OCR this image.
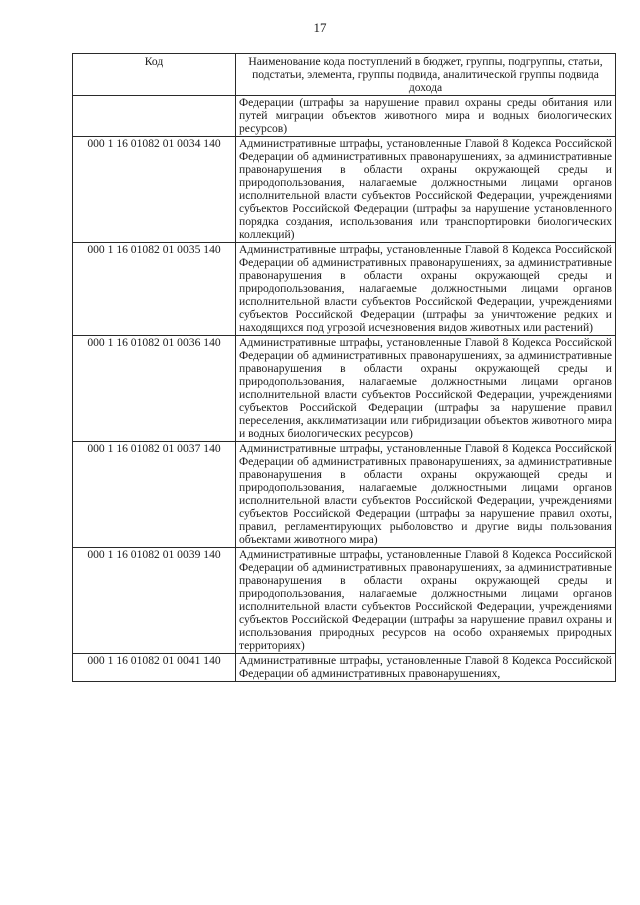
17
Код	Наименование кода поступлений в бюджет, группы, подгруппы, статьи, подстатьи, элемента, группы подвида, аналитической группы подвида дохода
	Федерации (штрафы за нарушение правил охраны среды обитания или путей миграции объектов животного мира и водных биологических ресурсов)
000 1 16 01082 01 0034 140	Административные штрафы, установленные Главой 8 Кодекса Российской Федерации об административных правонарушениях, за административные правонарушения в области охраны окружающей среды и природопользования, налагаемые должностными лицами органов исполнительной власти субъектов Российской Федерации, учреждениями субъектов Российской Федерации (штрафы за нарушение установленного порядка создания, использования или транспортировки биологических коллекций)
000 1 16 01082 01 0035 140	Административные штрафы, установленные Главой 8 Кодекса Российской Федерации об административных правонарушениях, за административные правонарушения в области охраны окружающей среды и природопользования, налагаемые должностными лицами органов исполнительной власти субъектов Российской Федерации, учреждениями субъектов Российской Федерации (штрафы за уничтожение редких и находящихся под угрозой исчезновения видов животных или растений)
000 1 16 01082 01 0036 140	Административные штрафы, установленные Главой 8 Кодекса Российской Федерации об административных правонарушениях, за административные правонарушения в области охраны окружающей среды и природопользования, налагаемые должностными лицами органов исполнительной власти субъектов Российской Федерации, учреждениями субъектов Российской Федерации (штрафы за нарушение правил переселения, акклиматизации или гибридизации объектов животного мира и водных биологических ресурсов)
000 1 16 01082 01 0037 140	Административные штрафы, установленные Главой 8 Кодекса Российской Федерации об административных правонарушениях, за административные правонарушения в области охраны окружающей среды и природопользования, налагаемые должностными лицами органов исполнительной власти субъектов Российской Федерации, учреждениями субъектов Российской Федерации (штрафы за нарушение правил охоты, правил, регламентирующих рыболовство и другие виды пользования объектами животного мира)
000 1 16 01082 01 0039 140	Административные штрафы, установленные Главой 8 Кодекса Российской Федерации об административных правонарушениях, за административные правонарушения в области охраны окружающей среды и природопользования, налагаемые должностными лицами органов исполнительной власти субъектов Российской Федерации, учреждениями субъектов Российской Федерации (штрафы за нарушение правил охраны и использования природных ресурсов на особо охраняемых природных территориях)
000 1 16 01082 01 0041 140	Административные штрафы, установленные Главой 8 Кодекса Российской Федерации об административных правонарушениях,
